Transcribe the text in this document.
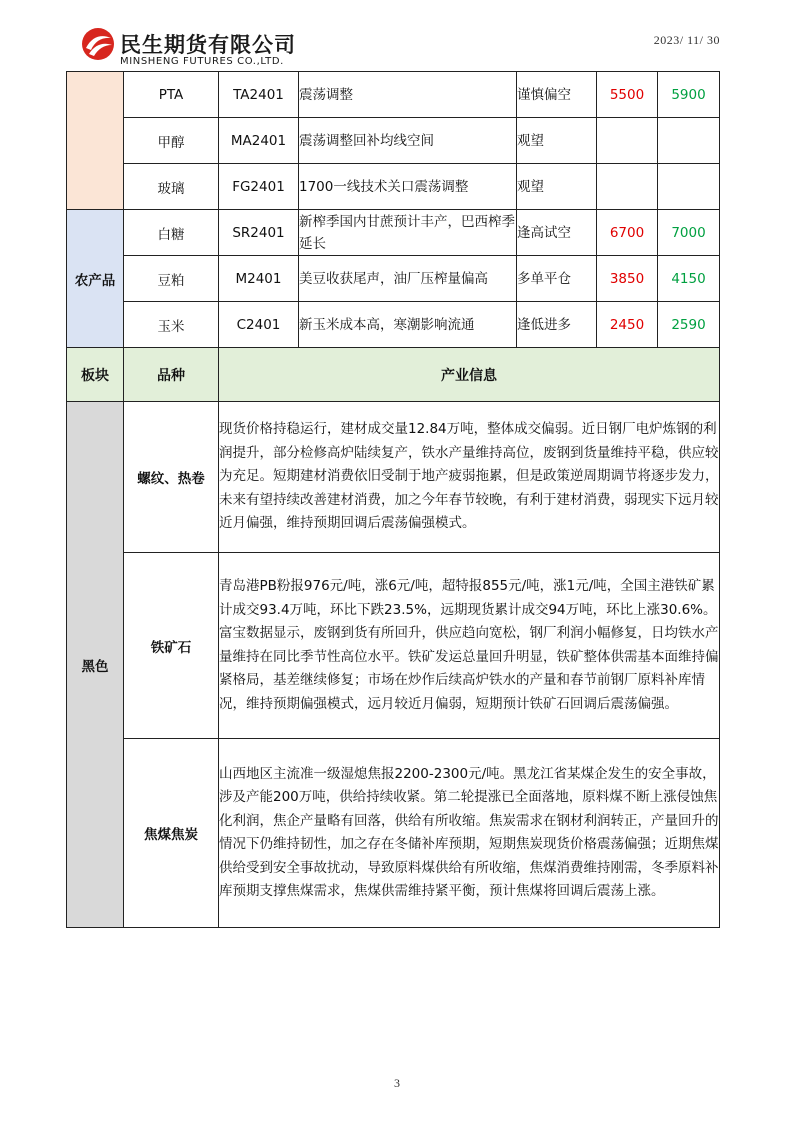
民生期货有限公司
MINSHENG FUTURES CO.,LTD.
2023/ 11/ 30
	PTA	TA2401	震荡调整	谨慎偏空	5500	5900
	甲醇	MA2401	震荡调整回补均线空间	观望		
	玻璃	FG2401	1700一线技术关口震荡调整	观望		
农产品	白糖	SR2401	新榨季国内甘蔗预计丰产，巴西榨季延长	逢高试空	6700	7000
	豆粕	M2401	美豆收获尾声，油厂压榨量偏高	多单平仓	3850	4150
	玉米	C2401	新玉米成本高，寒潮影响流通	逢低进多	2450	2590
板块	品种	产业信息				
黑色	螺纹、热卷	现货价格持稳运行，建材成交量12.84万吨，整体成交偏弱。近日钢厂电炉炼钢的利润提升，部分检修高炉陆续复产，铁水产量维持高位，废钢到货量维持平稳，供应较为充足。短期建材消费依旧受制于地产疲弱拖累，但是政策逆周期调节将逐步发力，未来有望持续改善建材消费，加之今年春节较晚，有利于建材消费，弱现实下远月较近月偏强，维持预期回调后震荡偏强模式。				
	铁矿石	青岛港PB粉报976元/吨，涨6元/吨，超特报855元/吨，涨1元/吨，全国主港铁矿累计成交93.4万吨，环比下跌23.5%，远期现货累计成交94万吨，环比上涨30.6%。富宝数据显示，废钢到货有所回升，供应趋向宽松，钢厂利润小幅修复，日均铁水产量维持在同比季节性高位水平。铁矿发运总量回升明显，铁矿整体供需基本面维持偏紧格局，基差继续修复；市场在炒作后续高炉铁水的产量和春节前钢厂原料补库情况，维持预期偏强模式，远月较近月偏弱，短期预计铁矿石回调后震荡偏强。				
	焦煤焦炭	山西地区主流准一级湿熄焦报2200-2300元/吨。黑龙江省某煤企发生的安全事故，涉及产能200万吨，供给持续收紧。第二轮提涨已全面落地，原料煤不断上涨侵蚀焦化利润，焦企产量略有回落，供给有所收缩。焦炭需求在钢材利润转正，产量回升的情况下仍维持韧性，加之存在冬储补库预期，短期焦炭现货价格震荡偏强；近期焦煤供给受到安全事故扰动，导致原料煤供给有所收缩，焦煤消费维持刚需，冬季原料补库预期支撑焦煤需求，焦煤供需维持紧平衡，预计焦煤将回调后震荡上涨。				
3
